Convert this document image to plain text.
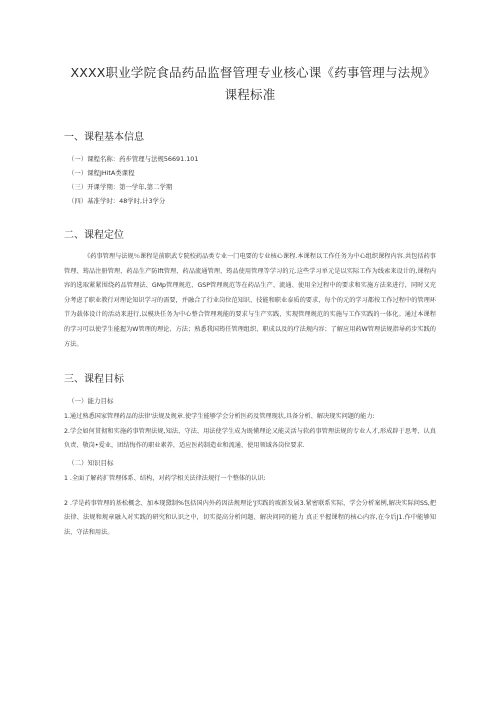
XXXX职业学院食品药品监督管理专业核心课《药事管理与法规》课程标准
一、课程基本信息
（一）课程名称：药步管理与法规56691.101
（一）课程JHitA类课程
（三）开课学期：第一学年,第二学期
（四）基准学时：48学时,计3学分
二、课程定位

《药事管理与法规％课程是前职武专院校药品类专业一门电要的专业核心课程.本课程以工作任务为中心组织课程内容.共包括药事管理、筠品注册管理、药品生产防lft管理、药品流通管理、筠品使用管理等学习的元.这些学习单元是以实际工作为线索来设计的,课程内容的选取紧紧围绕药品管理法、GMp管理规范、GSP管理规范等在药品生产、流通、使用全过程中的要求和实施方法来进行，同时又充分考虑了职业教行对理论知识学习的需要，并融合了行业岗位范知识、技能和职业泰质的要求，每个的元的学习都按工作过程中的管理环节为载体设计的活动来进行,以模块任务为中心整合管理观能的要求与生产实践，实现管理规范的实施与工作实践的一体化。通过本课程的学习可以使学生能握为W管理的理论、方法；熟悉我国筠任管理组织、职成以及的疗法规内容；了解应用药W管理法规指导药步实践的方法。

三、课程目标
（一）能力目标

1.通过熟悉国家管理药品的法律'法规及规章.使学生能够学会分析医药及管理现状,具备分析、解决现实问题的能力:

2.学会如何贯彻和实施药事管理法规,知法、守法、用法使学生成为既懂理论又能灵活与软药事管理法规的专业人才,形成辟于思考、认真负责、敬岗•爱业，团结悔作的职业素养，适应医药制造业和流通、使用领域各岗位要求.

（二）知识目标

1 .全面了解药扩管理体系、结构，对药学相关法律法规行一个整体的认识:

2 .学是药事管理的基松概念、加本现黛制%包括国内外药因法规理论'J实践的坡新发展3.紧密联系实际，学会分析案例,解决实际问SS,把法律、法规和规章融入对实践的研究和认识之中，切实提高分析问题、解决问同的能力 真正平握课程的核心内容,在今后J1.作中能够知法、守法和用法。
